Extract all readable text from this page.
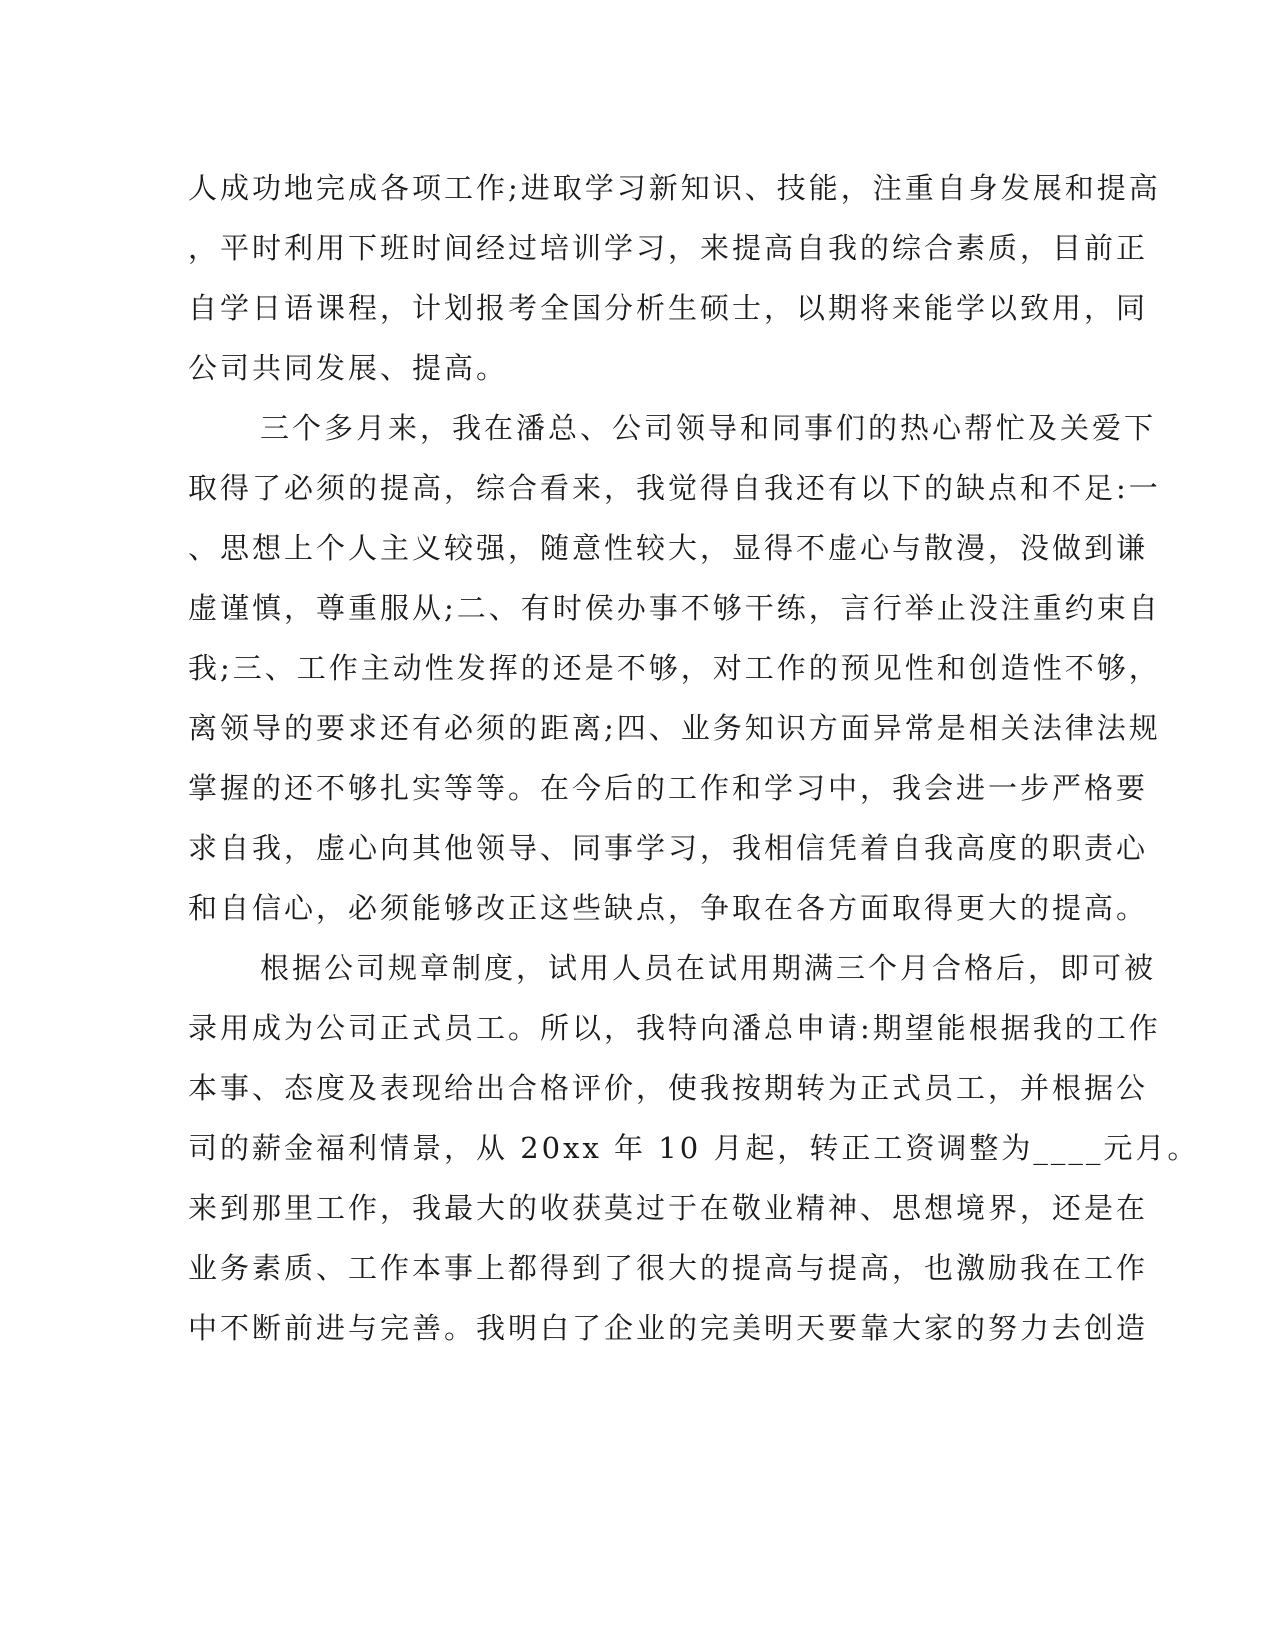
人成功地完成各项工作;进取学习新知识、技能，注重自身发展和提高
，平时利用下班时间经过培训学习，来提高自我的综合素质，目前正
自学日语课程，计划报考全国分析生硕士，以期将来能学以致用，同
公司共同发展、提高。
三个多月来，我在潘总、公司领导和同事们的热心帮忙及关爱下
取得了必须的提高，综合看来，我觉得自我还有以下的缺点和不足:一
、思想上个人主义较强，随意性较大，显得不虚心与散漫，没做到谦
虚谨慎，尊重服从;二、有时侯办事不够干练，言行举止没注重约束自
我;三、工作主动性发挥的还是不够，对工作的预见性和创造性不够，
离领导的要求还有必须的距离;四、业务知识方面异常是相关法律法规
掌握的还不够扎实等等。在今后的工作和学习中，我会进一步严格要
求自我，虚心向其他领导、同事学习，我相信凭着自我高度的职责心
和自信心，必须能够改正这些缺点，争取在各方面取得更大的提高。
根据公司规章制度，试用人员在试用期满三个月合格后，即可被
录用成为公司正式员工。所以，我特向潘总申请:期望能根据我的工作
本事、态度及表现给出合格评价，使我按期转为正式员工，并根据公
司的薪金福利情景，从 20xx 年 10 月起，转正工资调整为____元月。
来到那里工作，我最大的收获莫过于在敬业精神、思想境界，还是在
业务素质、工作本事上都得到了很大的提高与提高，也激励我在工作
中不断前进与完善。我明白了企业的完美明天要靠大家的努力去创造
